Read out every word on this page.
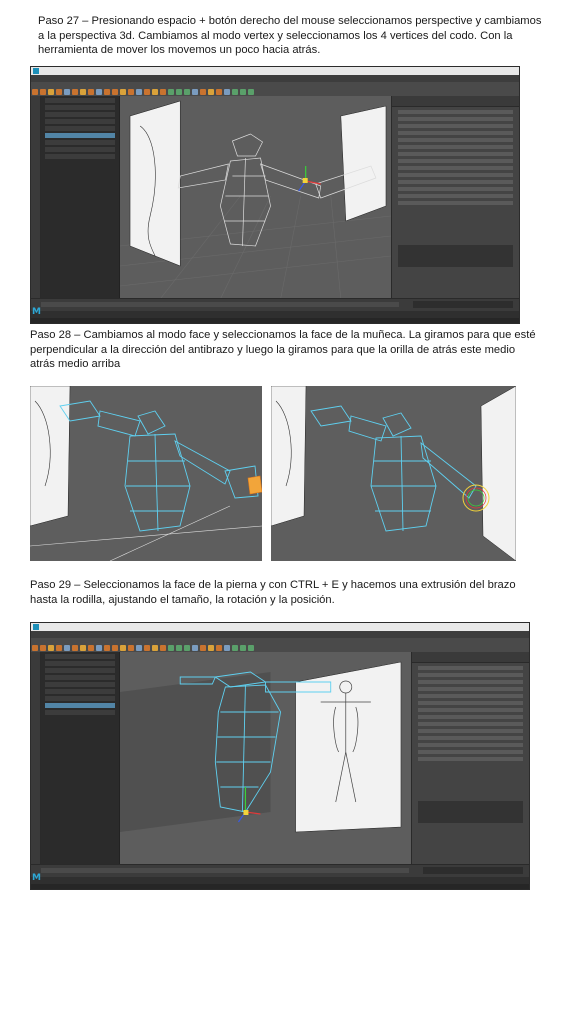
Paso 27 – Presionando espacio + botón derecho del mouse seleccionamos perspective y cambiamos a la perspectiva 3d. Cambiamos al modo vertex y seleccionamos los 4 vertices del codo. Con la herramienta de mover los movemos un poco hacia atrás.

M

Paso 28 – Cambiamos al modo face y seleccionamos la face de la muñeca. La giramos para que esté perpendicular a la dirección del antibrazo y luego la giramos para que la orilla de atrás este medio atrás medio arriba

Paso 29 – Seleccionamos la face de la pierna y con CTRL + E y hacemos una extrusión del brazo hasta la rodilla, ajustando el tamaño, la rotación y la posición.

M
